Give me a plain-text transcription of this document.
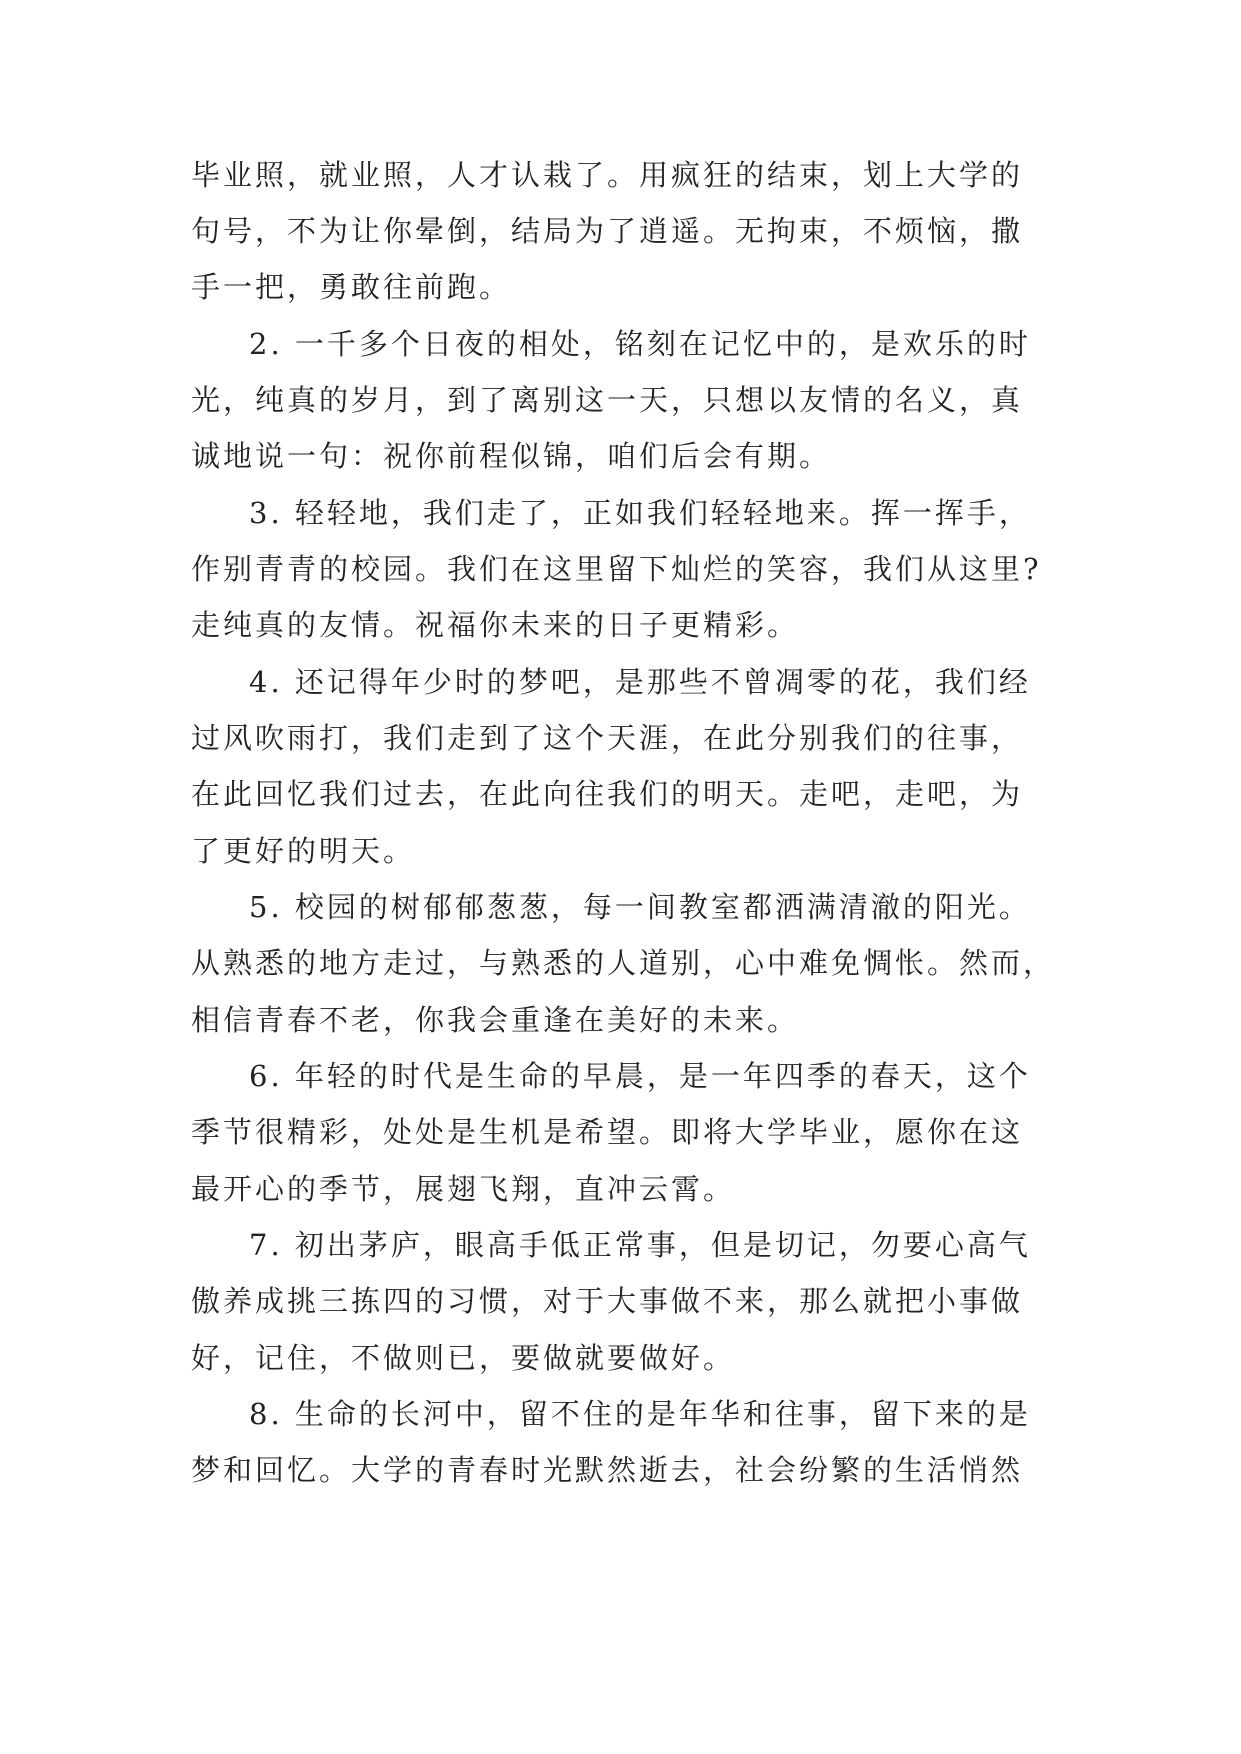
毕业照，就业照，人才认栽了。用疯狂的结束，划上大学的
句号，不为让你晕倒，结局为了逍遥。无拘束，不烦恼，撒
手一把，勇敢往前跑。
2. 一千多个日夜的相处，铭刻在记忆中的，是欢乐的时
光，纯真的岁月，到了离别这一天，只想以友情的名义，真
诚地说一句：祝你前程似锦，咱们后会有期。
3. 轻轻地，我们走了，正如我们轻轻地来。挥一挥手，
作别青青的校园。我们在这里留下灿烂的笑容，我们从这里?
走纯真的友情。祝福你未来的日子更精彩。
4. 还记得年少时的梦吧，是那些不曾凋零的花，我们经
过风吹雨打，我们走到了这个天涯，在此分别我们的往事，
在此回忆我们过去，在此向往我们的明天。走吧，走吧，为
了更好的明天。
5. 校园的树郁郁葱葱，每一间教室都洒满清澈的阳光。
从熟悉的地方走过，与熟悉的人道别，心中难免惆怅。然而，
相信青春不老，你我会重逢在美好的未来。
6. 年轻的时代是生命的早晨，是一年四季的春天，这个
季节很精彩，处处是生机是希望。即将大学毕业，愿你在这
最开心的季节，展翅飞翔，直冲云霄。
7. 初出茅庐，眼高手低正常事，但是切记，勿要心高气
傲养成挑三拣四的习惯，对于大事做不来，那么就把小事做
好，记住，不做则已，要做就要做好。
8. 生命的长河中，留不住的是年华和往事，留下来的是
梦和回忆。大学的青春时光默然逝去，社会纷繁的生活悄然
